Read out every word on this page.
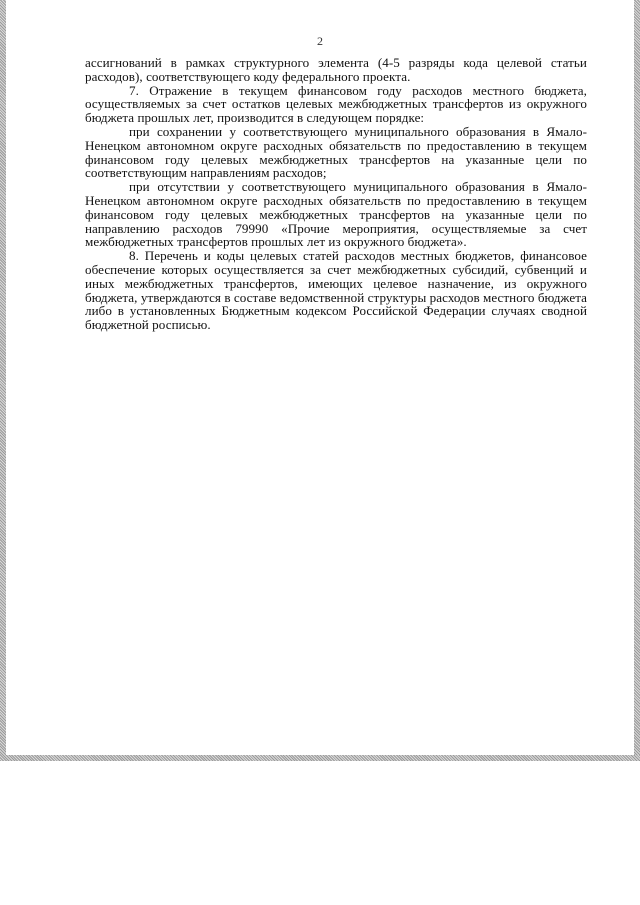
2

ассигнований в рамках структурного элемента (4-5 разряды кода целевой статьи расходов), соответствующего коду федерального проекта.

7. Отражение в текущем финансовом году расходов местного бюджета, осуществляемых за счет остатков целевых межбюджетных трансфертов из окружного бюджета прошлых лет, производится в следующем порядке:

при сохранении у соответствующего муниципального образования в Ямало-Ненецком автономном округе расходных обязательств по предоставлению в текущем финансовом году целевых межбюджетных трансфертов на указанные цели по соответствующим направлениям расходов;

при отсутствии у соответствующего муниципального образования в Ямало-Ненецком автономном округе расходных обязательств по предоставлению в текущем финансовом году целевых межбюджетных трансфертов на указанные цели по направлению расходов 79990 «Прочие мероприятия, осуществляемые за счет межбюджетных трансфертов прошлых лет из окружного бюджета».

8. Перечень и коды целевых статей расходов местных бюджетов, финансовое обеспечение которых осуществляется за счет межбюджетных субсидий, субвенций и иных межбюджетных трансфертов, имеющих целевое назначение, из окружного бюджета, утверждаются в составе ведомственной структуры расходов местного бюджета либо в установленных Бюджетным кодексом Российской Федерации случаях сводной бюджетной росписью.
